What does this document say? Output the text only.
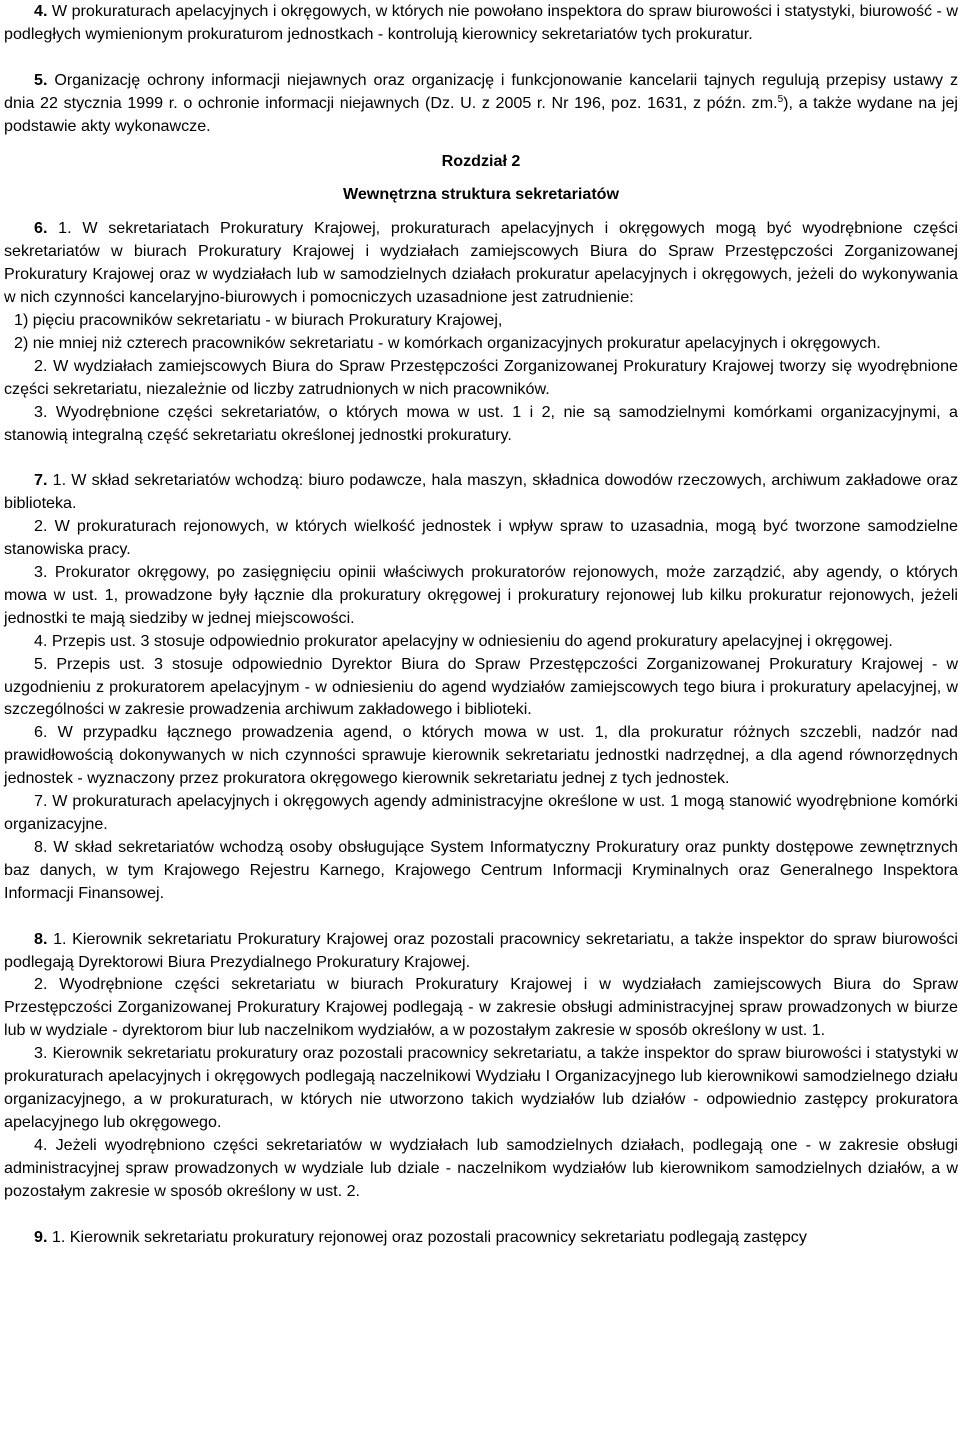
4. W prokuraturach apelacyjnych i okręgowych, w których nie powołano inspektora do spraw biurowości i statystyki, biurowość - w podległych wymienionym prokuraturom jednostkach - kontrolują kierownicy sekretariatów tych prokuratur.

5. Organizację ochrony informacji niejawnych oraz organizację i funkcjonowanie kancelarii tajnych regulują przepisy ustawy z dnia 22 stycznia 1999 r. o ochronie informacji niejawnych (Dz. U. z 2005 r. Nr 196, poz. 1631, z późn. zm.$^5$), a także wydane na jej podstawie akty wykonawcze.

Rozdział 2

Wewnętrzna struktura sekretariatów

6. 1. W sekretariatach Prokuratury Krajowej, prokuraturach apelacyjnych i okręgowych mogą być wyodrębnione części sekretariatów w biurach Prokuratury Krajowej i wydziałach zamiejscowych Biura do Spraw Przestępczości Zorganizowanej Prokuratury Krajowej oraz w wydziałach lub w samodzielnych działach prokuratur apelacyjnych i okręgowych, jeżeli do wykonywania w nich czynności kancelaryjno-biurowych i pomocniczych uzasadnione jest zatrudnienie:

1) pięciu pracowników sekretariatu - w biurach Prokuratury Krajowej,

2) nie mniej niż czterech pracowników sekretariatu - w komórkach organizacyjnych prokuratur apelacyjnych i okręgowych.

2. W wydziałach zamiejscowych Biura do Spraw Przestępczości Zorganizowanej Prokuratury Krajowej tworzy się wyodrębnione części sekretariatu, niezależnie od liczby zatrudnionych w nich pracowników.

3. Wyodrębnione części sekretariatów, o których mowa w ust. 1 i 2, nie są samodzielnymi komórkami organizacyjnymi, a stanowią integralną część sekretariatu określonej jednostki prokuratury.

7. 1. W skład sekretariatów wchodzą: biuro podawcze, hala maszyn, składnica dowodów rzeczowych, archiwum zakładowe oraz biblioteka.

2. W prokuraturach rejonowych, w których wielkość jednostek i wpływ spraw to uzasadnia, mogą być tworzone samodzielne stanowiska pracy.

3. Prokurator okręgowy, po zasięgnięciu opinii właściwych prokuratorów rejonowych, może zarządzić, aby agendy, o których mowa w ust. 1, prowadzone były łącznie dla prokuratury okręgowej i prokuratury rejonowej lub kilku prokuratur rejonowych, jeżeli jednostki te mają siedziby w jednej miejscowości.

4. Przepis ust. 3 stosuje odpowiednio prokurator apelacyjny w odniesieniu do agend prokuratury apelacyjnej i okręgowej.

5. Przepis ust. 3 stosuje odpowiednio Dyrektor Biura do Spraw Przestępczości Zorganizowanej Prokuratury Krajowej - w uzgodnieniu z prokuratorem apelacyjnym - w odniesieniu do agend wydziałów zamiejscowych tego biura i prokuratury apelacyjnej, w szczególności w zakresie prowadzenia archiwum zakładowego i biblioteki.

6. W przypadku łącznego prowadzenia agend, o których mowa w ust. 1, dla prokuratur różnych szczebli, nadzór nad prawidłowością dokonywanych w nich czynności sprawuje kierownik sekretariatu jednostki nadrzędnej, a dla agend równorzędnych jednostek - wyznaczony przez prokuratora okręgowego kierownik sekretariatu jednej z tych jednostek.

7. W prokuraturach apelacyjnych i okręgowych agendy administracyjne określone w ust. 1 mogą stanowić wyodrębnione komórki organizacyjne.

8. W skład sekretariatów wchodzą osoby obsługujące System Informatyczny Prokuratury oraz punkty dostępowe zewnętrznych baz danych, w tym Krajowego Rejestru Karnego, Krajowego Centrum Informacji Kryminalnych oraz Generalnego Inspektora Informacji Finansowej.

8. 1. Kierownik sekretariatu Prokuratury Krajowej oraz pozostali pracownicy sekretariatu, a także inspektor do spraw biurowości podlegają Dyrektorowi Biura Prezydialnego Prokuratury Krajowej.

2. Wyodrębnione części sekretariatu w biurach Prokuratury Krajowej i w wydziałach zamiejscowych Biura do Spraw Przestępczości Zorganizowanej Prokuratury Krajowej podlegają - w zakresie obsługi administracyjnej spraw prowadzonych w biurze lub w wydziale - dyrektorom biur lub naczelnikom wydziałów, a w pozostałym zakresie w sposób określony w ust. 1.

3. Kierownik sekretariatu prokuratury oraz pozostali pracownicy sekretariatu, a także inspektor do spraw biurowości i statystyki w prokuraturach apelacyjnych i okręgowych podlegają naczelnikowi Wydziału I Organizacyjnego lub kierownikowi samodzielnego działu organizacyjnego, a w prokuraturach, w których nie utworzono takich wydziałów lub działów - odpowiednio zastępcy prokuratora apelacyjnego lub okręgowego.

4. Jeżeli wyodrębniono części sekretariatów w wydziałach lub samodzielnych działach, podlegają one - w zakresie obsługi administracyjnej spraw prowadzonych w wydziale lub dziale - naczelnikom wydziałów lub kierownikom samodzielnych działów, a w pozostałym zakresie w sposób określony w ust. 2.

9. 1. Kierownik sekretariatu prokuratury rejonowej oraz pozostali pracownicy sekretariatu podlegają zastępcy
